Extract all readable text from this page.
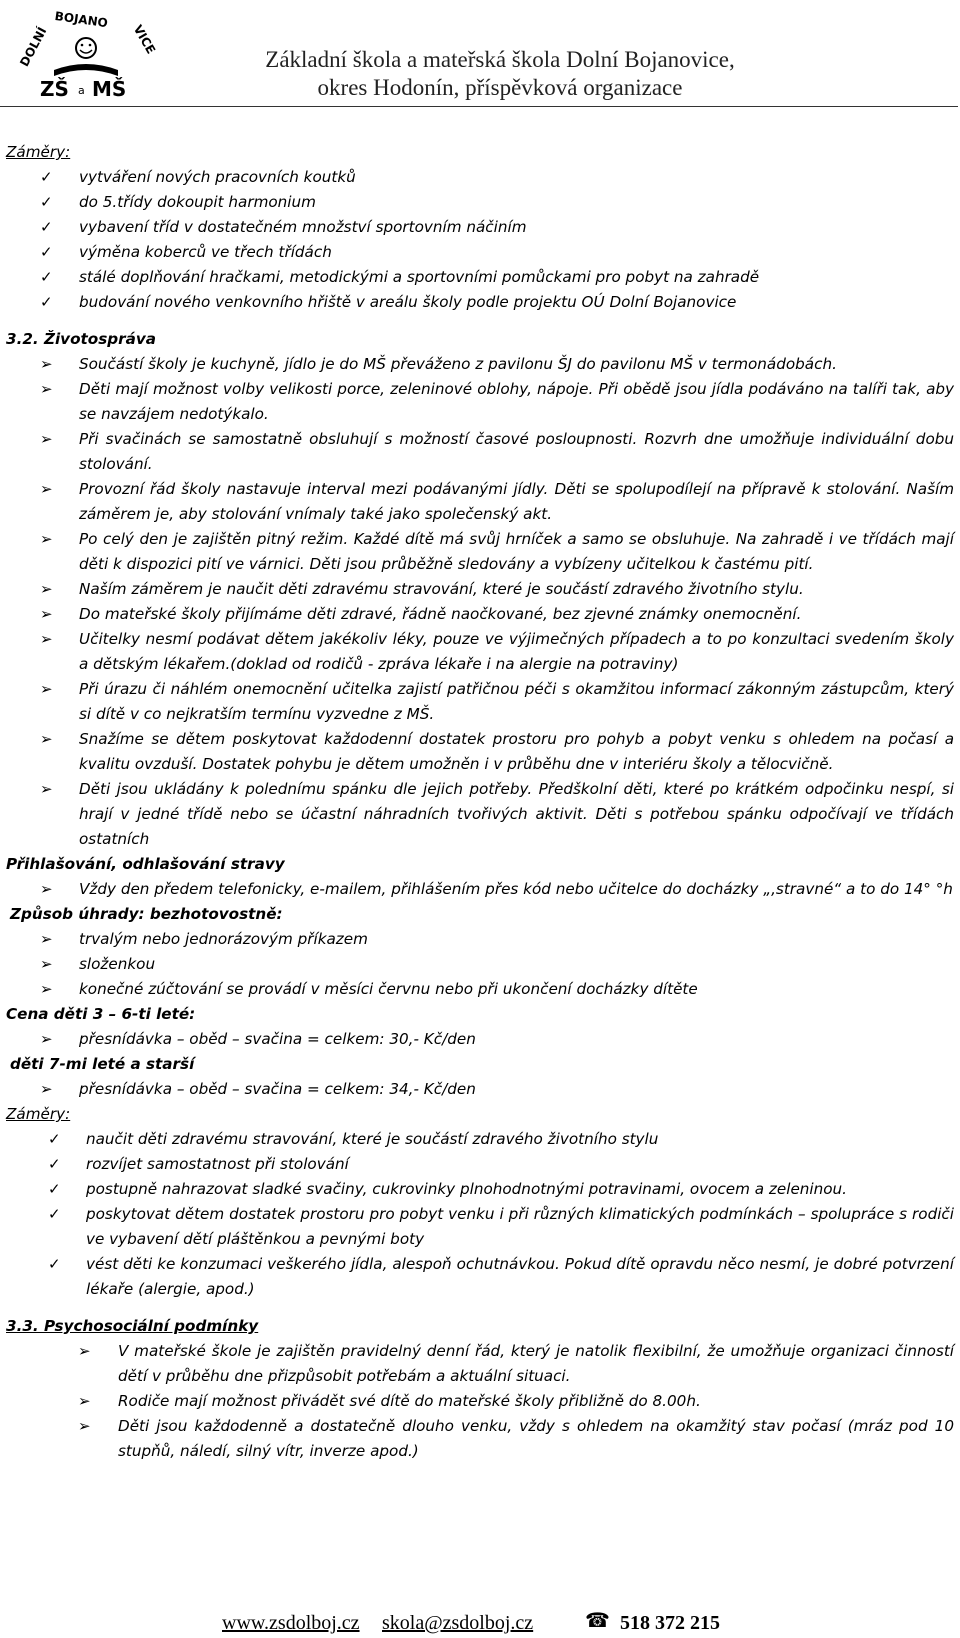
DOLNÍ
BOJANO
VICE
ZŠ a MŠ
Základní škola a mateřská škola Dolní Bojanovice,
okres Hodonín, příspěvková organizace
Záměry:
✓ vytváření nových pracovních koutků
✓ do 5.třídy dokoupit harmonium
✓ vybavení tříd v dostatečném množství sportovním náčiním
✓ výměna koberců ve třech třídách
✓ stálé doplňování hračkami, metodickými a sportovními pomůckami pro pobyt na zahradě
✓ budování nového venkovního hřiště v areálu školy podle projektu OÚ Dolní Bojanovice
3.2. Životospráva
➢ Součástí školy je kuchyně, jídlo je do MŠ převáženo z pavilonu ŠJ do pavilonu MŠ v termonádobách.
➢ Děti mají možnost volby velikosti porce, zeleninové oblohy, nápoje. Při obědě jsou jídla podáváno na talíři tak, aby se navzájem nedotýkalo.
➢ Při svačinách se samostatně obsluhují s možností časové posloupnosti. Rozvrh dne umožňuje individuální dobu stolování.
➢ Provozní řád školy nastavuje interval mezi podávanými jídly. Děti se spolupodílejí na přípravě k stolování. Naším záměrem je, aby stolování vnímaly také jako společenský akt.
➢ Po celý den je zajištěn pitný režim. Každé dítě má svůj hrníček a samo se obsluhuje. Na zahradě i ve třídách mají děti k dispozici pití ve várnici. Děti jsou průběžně sledovány a vybízeny učitelkou k častému pití.
➢ Naším záměrem je naučit děti zdravému stravování, které je součástí zdravého životního stylu.
➢ Do mateřské školy přijímáme děti zdravé, řádně naočkované, bez zjevné známky onemocnění.
➢ Učitelky nesmí podávat dětem jakékoliv léky, pouze ve výjimečných případech a to po konzultaci svedením školy a dětským lékařem.(doklad od rodičů - zpráva lékaře i na alergie na potraviny)
➢ Při úrazu či náhlém onemocnění učitelka zajistí patřičnou péči s okamžitou informací zákonným zástupcům, který si dítě v co nejkratším termínu vyzvedne z MŠ.
➢ Snažíme se dětem poskytovat každodenní dostatek prostoru pro pohyb a pobyt venku s ohledem na počasí a kvalitu ovzduší. Dostatek pohybu je dětem umožněn i v průběhu dne v interiéru školy a tělocvičně.
➢ Děti jsou ukládány k polednímu spánku dle jejich potřeby. Předškolní děti, které po krátkém odpočinku nespí, si hrají v jedné třídě nebo se účastní náhradních tvořivých aktivit. Děti s potřebou spánku odpočívají ve třídách ostatních
Přihlašování, odhlašování stravy
➢ Vždy den předem telefonicky, e-mailem, přihlášením přes kód nebo učitelce do docházky „,stravné“ a to do 14° °h
Způsob úhrady: bezhotovostně:
➢ trvalým nebo jednorázovým příkazem
➢ složenkou
➢ konečné zúčtování se provádí v měsíci červnu nebo při ukončení docházky dítěte
Cena děti 3 – 6-ti leté:
➢ přesnídávka – oběd – svačina = celkem: 30,- Kč/den
děti 7-mi leté a starší
➢ přesnídávka – oběd – svačina = celkem: 34,- Kč/den
Záměry:
✓ naučit děti zdravému stravování, které je součástí zdravého životního stylu
✓ rozvíjet samostatnost při stolování
✓ postupně nahrazovat sladké svačiny, cukrovinky plnohodnotnými potravinami, ovocem a zeleninou.
✓ poskytovat dětem dostatek prostoru pro pobyt venku i při různých klimatických podmínkách – spolupráce s rodiči ve vybavení dětí pláštěnkou a pevnými boty
✓ vést děti ke konzumaci veškerého jídla, alespoň ochutnávkou. Pokud dítě opravdu něco nesmí, je dobré potvrzení lékaře (alergie, apod.)
3.3. Psychosociální podmínky
➢ V mateřské škole je zajištěn pravidelný denní řád, který je natolik flexibilní, že umožňuje organizaci činností dětí v průběhu dne přizpůsobit potřebám a aktuální situaci.
➢ Rodiče mají možnost přivádět své dítě do mateřské školy přibližně do 8.00h.
➢ Děti jsou každodenně a dostatečně dlouho venku, vždy s ohledem na okamžitý stav počasí (mráz pod 10 stupňů, náledí, silný vítr, inverze apod.)
www.zsdolboj.cz skola@zsdolboj.cz	☎ 518 372 215
